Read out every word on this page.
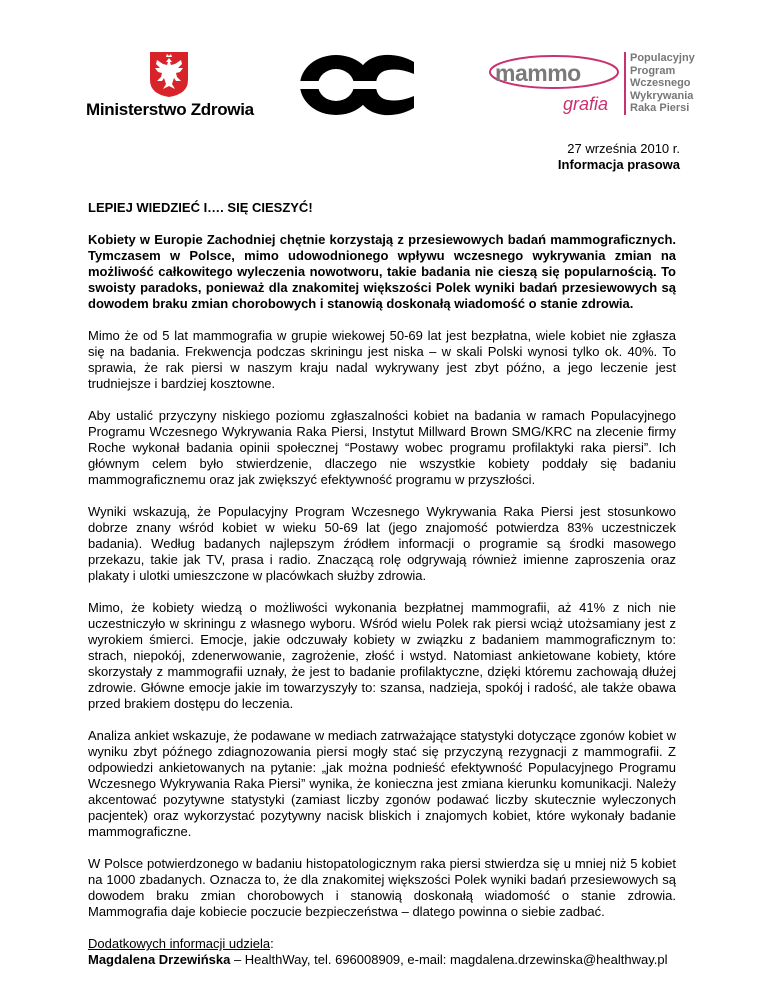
Ministerstwo Zdrowia
mammo
grafia
Populacyjny
Program
Wczesnego
Wykrywania
Raka Piersi
27 września 2010 r.
Informacja prasowa
LEPIEJ WIEDZIEĆ I…. SIĘ CIESZYĆ!

Kobiety w Europie Zachodniej chętnie korzystają z przesiewowych badań mammograficznych. Tymczasem w Polsce, mimo udowodnionego wpływu wczesnego wykrywania zmian na możliwość całkowitego wyleczenia nowotworu, takie badania nie cieszą się popularnością. To swoisty paradoks, ponieważ dla znakomitej większości Polek wyniki badań przesiewowych są dowodem braku zmian chorobowych i stanowią doskonałą wiadomość o stanie zdrowia.

Mimo że od 5 lat mammografia w grupie wiekowej 50-69 lat jest bezpłatna, wiele kobiet nie zgłasza się na badania. Frekwencja podczas skriningu jest niska – w skali Polski wynosi tylko ok. 40%. To sprawia, że rak piersi w naszym kraju nadal wykrywany jest zbyt późno, a jego leczenie jest trudniejsze i bardziej kosztowne.

Aby ustalić przyczyny niskiego poziomu zgłaszalności kobiet na badania w ramach Populacyjnego Programu Wczesnego Wykrywania Raka Piersi, Instytut Millward Brown SMG/KRC na zlecenie firmy Roche wykonał badania opinii społecznej “Postawy wobec programu profilaktyki raka piersi”. Ich głównym celem było stwierdzenie, dlaczego nie wszystkie kobiety poddały się badaniu mammograficznemu oraz jak zwiększyć efektywność programu w przyszłości.

Wyniki wskazują, że Populacyjny Program Wczesnego Wykrywania Raka Piersi jest stosunkowo dobrze znany wśród kobiet w wieku 50-69 lat (jego znajomość potwierdza 83% uczestniczek badania). Według badanych najlepszym źródłem informacji o programie są środki masowego przekazu, takie jak TV, prasa i radio. Znaczącą rolę odgrywają również imienne zaproszenia oraz plakaty i ulotki umieszczone w placówkach służby zdrowia.

Mimo, że kobiety wiedzą o możliwości wykonania bezpłatnej mammografii, aż 41% z nich nie uczestniczyło w skriningu z własnego wyboru. Wśród wielu Polek rak piersi wciąż utożsamiany jest z wyrokiem śmierci. Emocje, jakie odczuwały kobiety w związku z badaniem mammograficznym to: strach, niepokój, zdenerwowanie, zagrożenie, złość i wstyd. Natomiast ankietowane kobiety, które skorzystały z mammografii uznały, że jest to badanie profilaktyczne, dzięki któremu zachowają dłużej zdrowie. Główne emocje jakie im towarzyszyły to: szansa, nadzieja, spokój i radość, ale także obawa przed brakiem dostępu do leczenia.

Analiza ankiet wskazuje, że podawane w mediach zatrważające statystyki dotyczące zgonów kobiet w wyniku zbyt późnego zdiagnozowania piersi mogły stać się przyczyną rezygnacji z mammografii. Z odpowiedzi ankietowanych na pytanie: „jak można podnieść efektywność Populacyjnego Programu Wczesnego Wykrywania Raka Piersi” wynika, że konieczna jest zmiana kierunku komunikacji. Należy akcentować pozytywne statystyki (zamiast liczby zgonów podawać liczby skutecznie wyleczonych pacjentek) oraz wykorzystać pozytywny nacisk bliskich i znajomych kobiet, które wykonały badanie mammograficzne.

W Polsce potwierdzonego w badaniu histopatologicznym raka piersi stwierdza się u mniej niż 5 kobiet na 1000 zbadanych. Oznacza to, że dla znakomitej większości Polek wyniki badań przesiewowych są dowodem braku zmian chorobowych i stanowią doskonałą wiadomość o stanie zdrowia. Mammografia daje kobiecie poczucie bezpieczeństwa – dlatego powinna o siebie zadbać.

Dodatkowych informacji udziela:
Magdalena Drzewińska – HealthWay, tel. 696008909, e-mail: magdalena.drzewinska@healthway.pl
